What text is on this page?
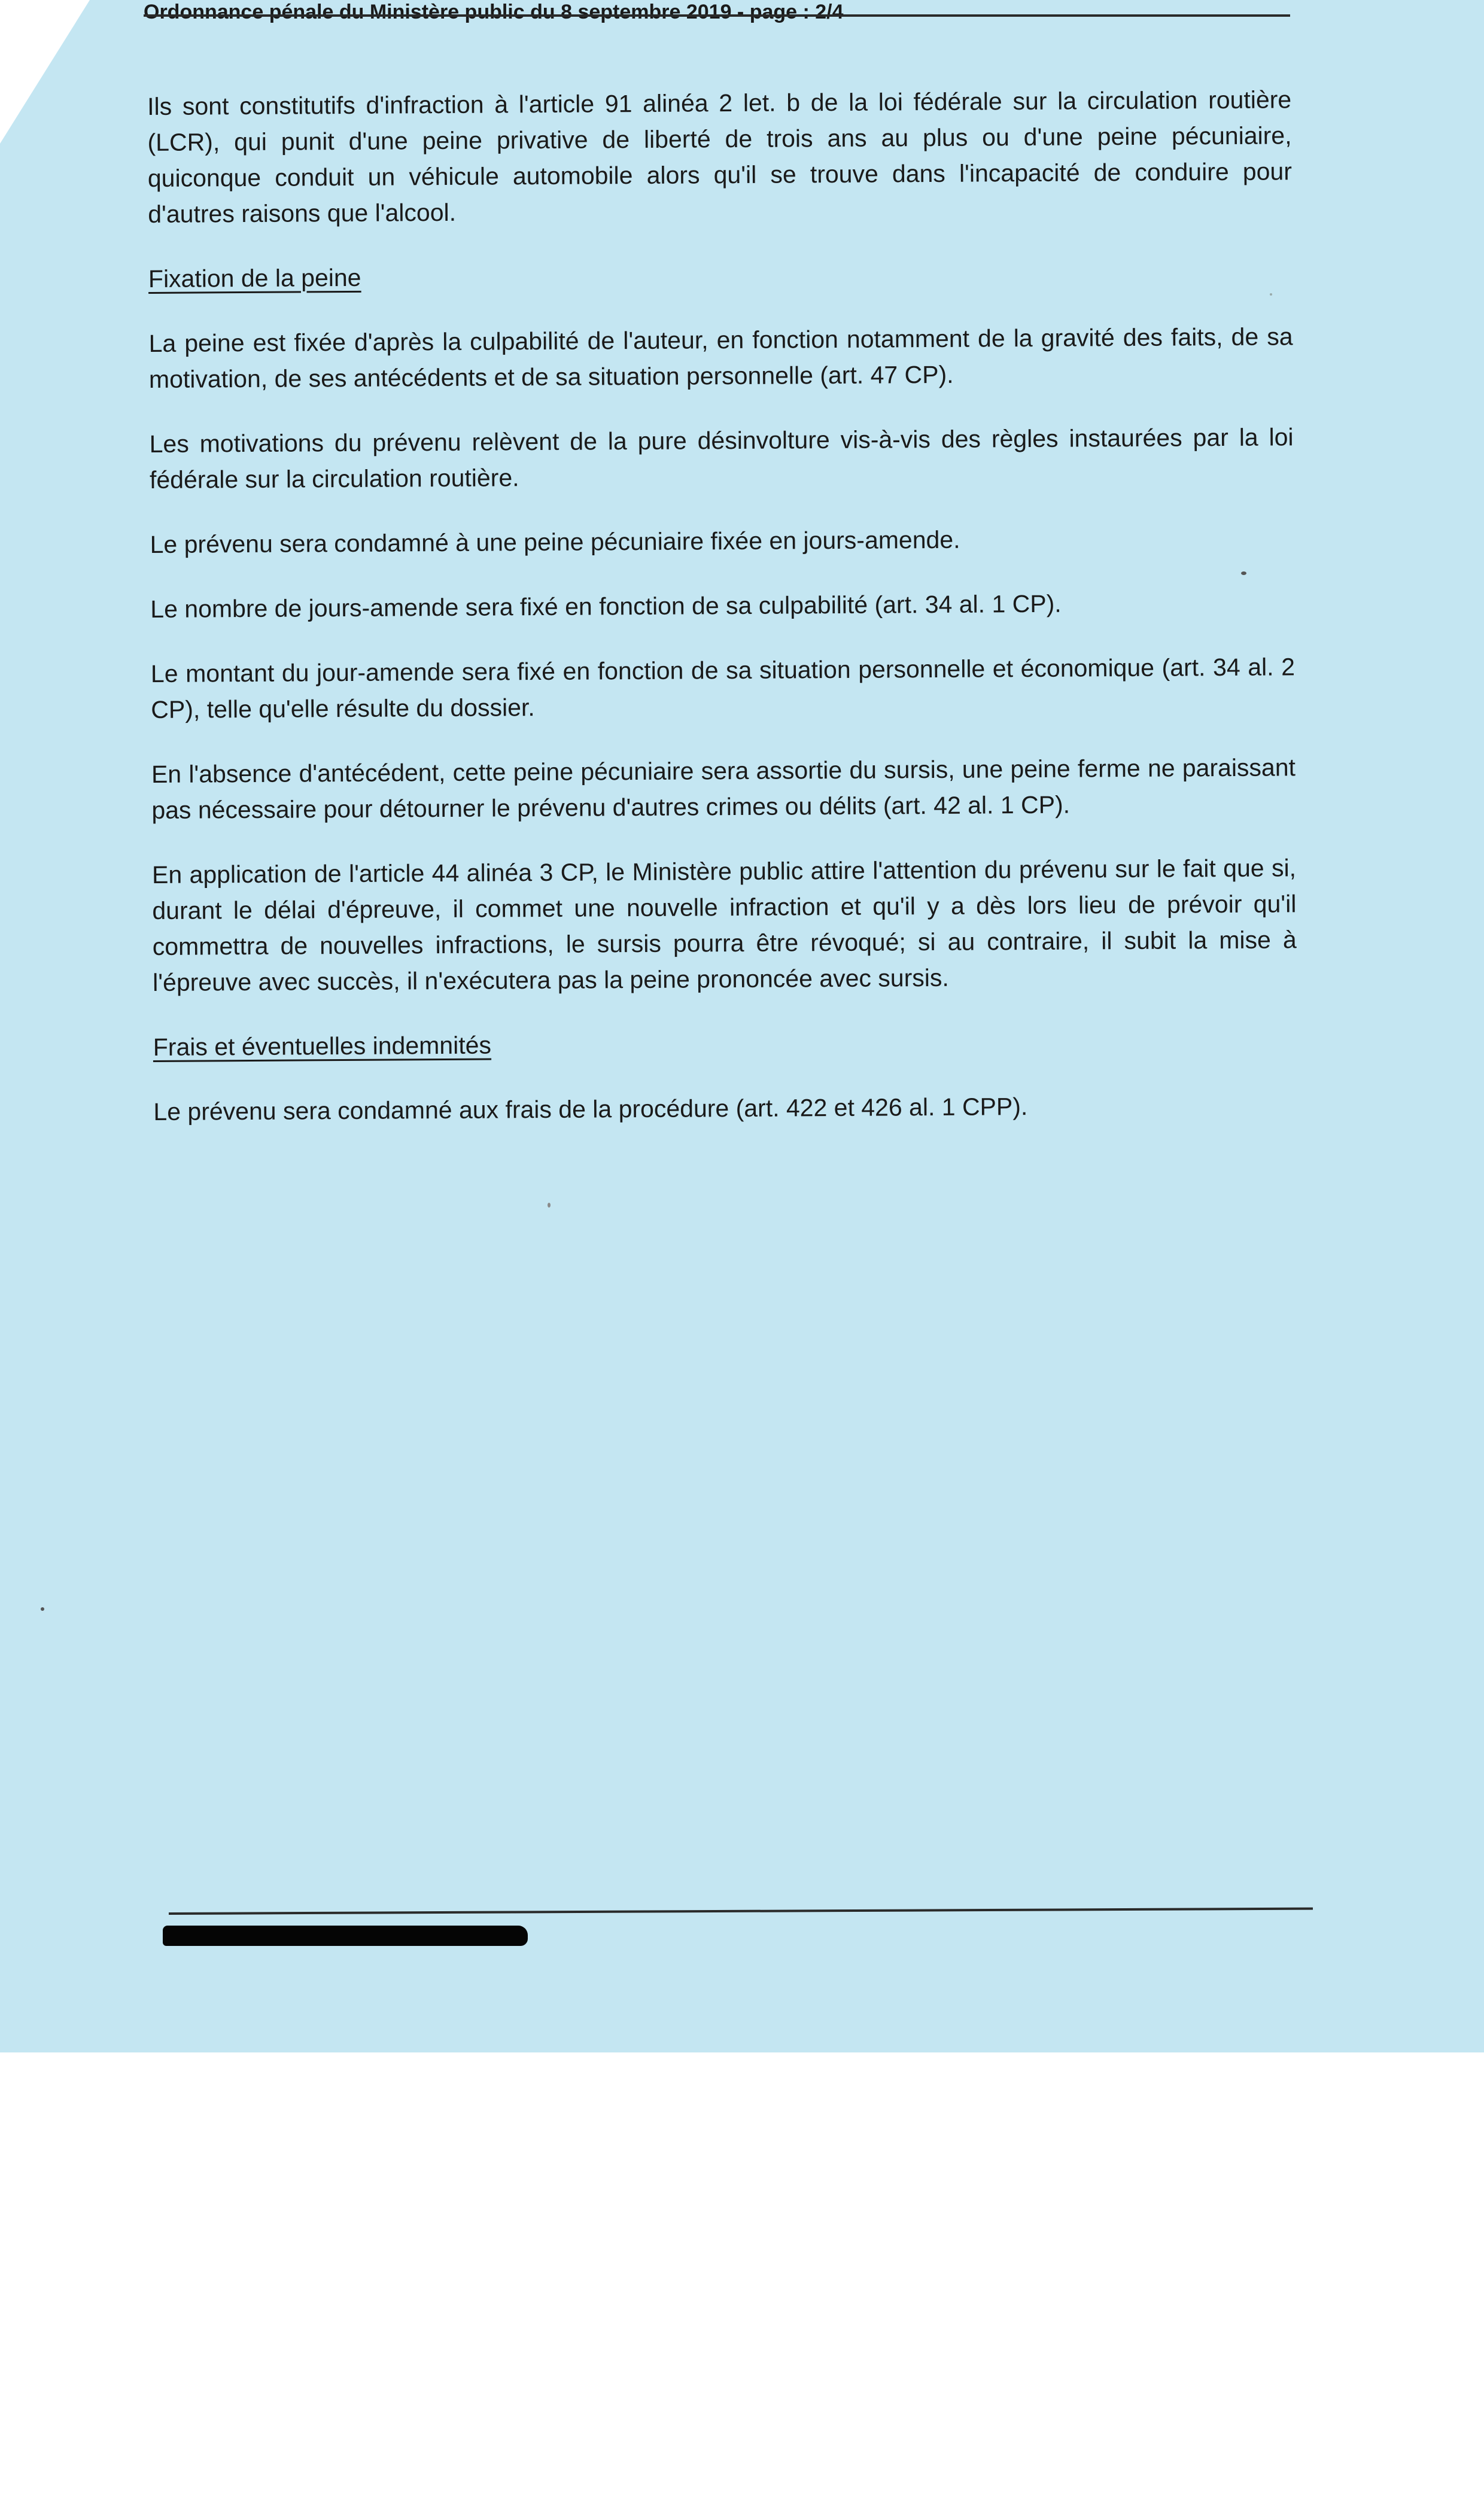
Ordonnance pénale du Ministère public du 8 septembre 2019 - page : 2/4

Ils sont constitutifs d'infraction à l'article 91 alinéa 2 let. b de la loi fédérale sur la circulation routière (LCR), qui punit d'une peine privative de liberté de trois ans au plus ou d'une peine pécuniaire, quiconque conduit un véhicule automobile alors qu'il se trouve dans l'incapacité de conduire pour d'autres raisons que l'alcool.

Fixation de la peine

La peine est fixée d'après la culpabilité de l'auteur, en fonction notamment de la gravité des faits, de sa motivation, de ses antécédents et de sa situation personnelle (art. 47 CP).

Les motivations du prévenu relèvent de la pure désinvolture vis-à-vis des règles instaurées par la loi fédérale sur la circulation routière.

Le prévenu sera condamné à une peine pécuniaire fixée en jours-amende.

Le nombre de jours-amende sera fixé en fonction de sa culpabilité (art. 34 al. 1 CP).

Le montant du jour-amende sera fixé en fonction de sa situation personnelle et économique (art. 34 al. 2 CP), telle qu'elle résulte du dossier.

En l'absence d'antécédent, cette peine pécuniaire sera assortie du sursis, une peine ferme ne paraissant pas nécessaire pour détourner le prévenu d'autres crimes ou délits (art. 42 al. 1 CP).

En application de l'article 44 alinéa 3 CP, le Ministère public attire l'attention du prévenu sur le fait que si, durant le délai d'épreuve, il commet une nouvelle infraction et qu'il y a dès lors lieu de prévoir qu'il commettra de nouvelles infractions, le sursis pourra être révoqué; si au contraire, il subit la mise à l'épreuve avec succès, il n'exécutera pas la peine prononcée avec sursis.

Frais et éventuelles indemnités

Le prévenu sera condamné aux frais de la procédure (art. 422 et 426 al. 1 CPP).
